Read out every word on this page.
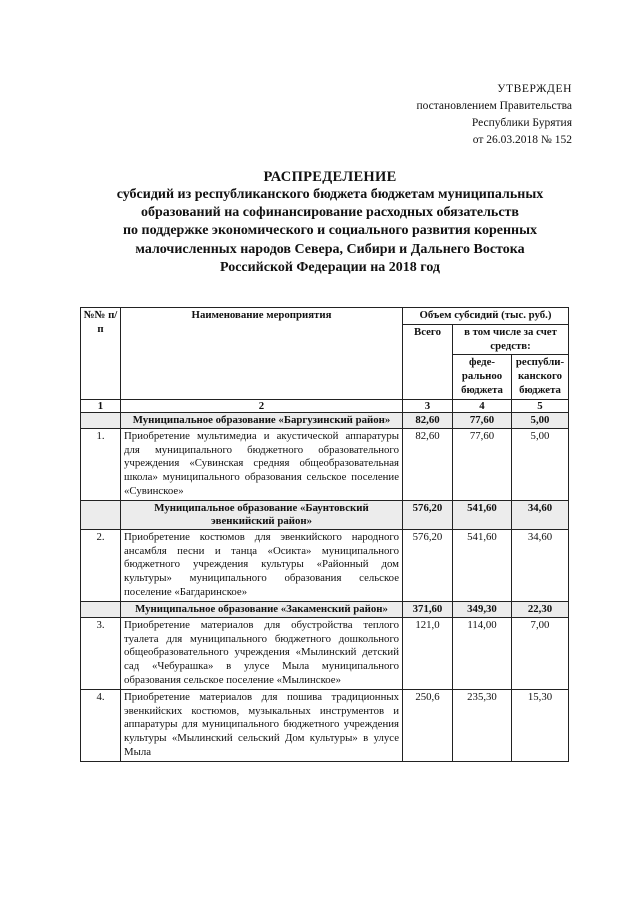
УТВЕРЖДЕН
постановлением Правительства
Республики Бурятия
от 26.03.2018 № 152
РАСПРЕДЕЛЕНИЕ
субсидий из республиканского бюджета бюджетам муниципальных
образований на софинансирование расходных обязательств
по поддержке экономического и социального развития коренных
малочисленных народов Севера, Сибири и Дальнего Востока
Российской Федерации на 2018 год
№№ п/п	Наименование мероприятия	Объем субсидий (тыс. руб.)		
		Всего	в том числе за счет средств:	
			феде-ральноо бюджета	республи-канского бюджета
1	2	3	4	5
	Муниципальное образование «Баргузинский район»	82,60	77,60	5,00
1.	Приобретение мультимедиа и акустической аппаратуры для муниципального бюджетного образовательного учреждения «Сувинская средняя общеобразовательная школа» муниципального образования сельское поселение «Сувинское»	82,60	77,60	5,00
	Муниципальное образование «Баунтовский эвенкийский район»	576,20	541,60	34,60
2.	Приобретение костюмов для эвенкийского народного ансамбля песни и танца «Осикта» муниципального бюджетного учреждения культуры «Районный дом культуры» муниципального образования сельское поселение «Багдаринское»	576,20	541,60	34,60
	Муниципальное образование «Закаменский район»	371,60	349,30	22,30
3.	Приобретение материалов для обустройства теплого туалета для муниципального бюджетного дошкольного общеобразовательного учреждения «Мылинский детский сад «Чебурашка» в улусе Мыла муниципального образования сельское поселение «Мылинское»	121,0	114,00	7,00
4.	Приобретение материалов для пошива традиционных эвенкийских костюмов, музыкальных инструментов и аппаратуры для муниципального бюджетного учреждения культуры «Мылинский сельский Дом культуры» в улусе Мыла	250,6	235,30	15,30
